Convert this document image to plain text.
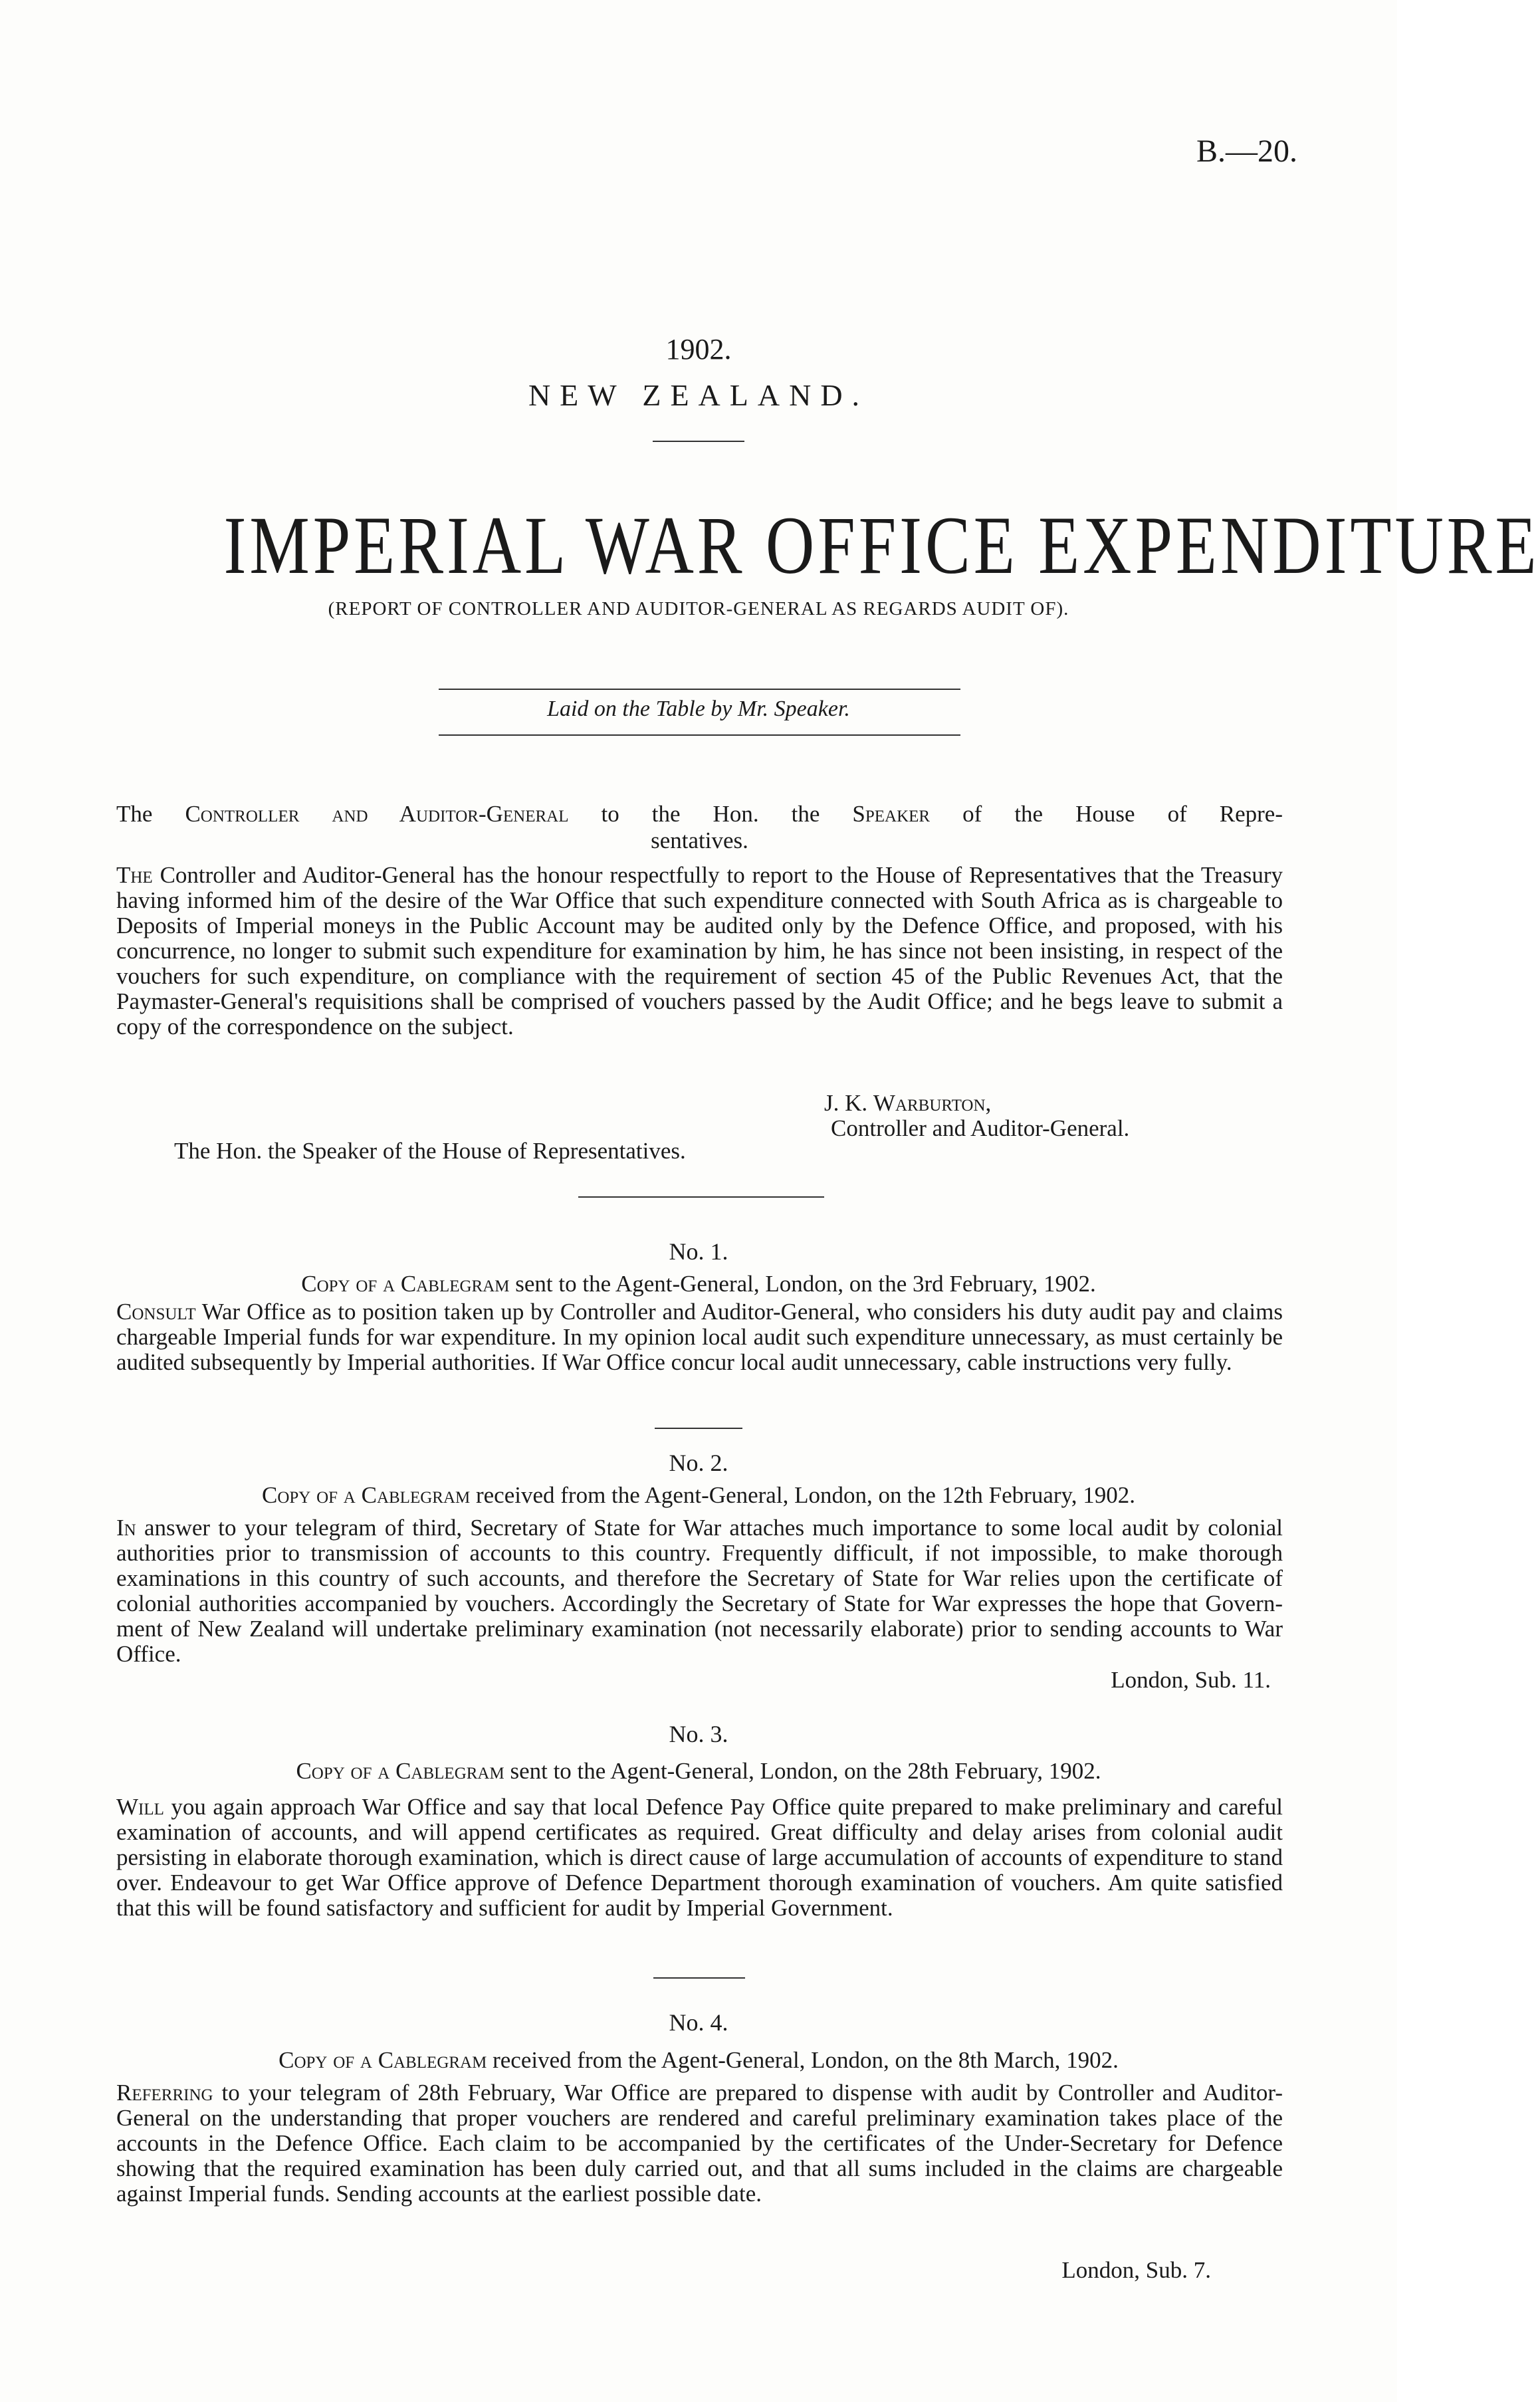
B.—20.
1902.
NEW ZEALAND.
IMPERIAL WAR OFFICE EXPENDITURE
(REPORT OF CONTROLLER AND AUDITOR-GENERAL AS REGARDS AUDIT OF).
Laid on the Table by Mr. Speaker.
The Controller and Auditor-General to the Hon. the Speaker of the House of Repre-
sentatives.

The Controller and Auditor-General has the honour respectfully to report to the House of Representatives that the Treasury having informed him of the desire of the War Office that such expenditure connected with South Africa as is chargeable to Deposits of Imperial moneys in the Public Account may be audited only by the Defence Office, and proposed, with his concurrence, no longer to submit such expenditure for examination by him, he has since not been insisting, in respect of the vouchers for such expenditure, on compliance with the requirement of section 45 of the Public Revenues Act, that the Paymaster-General's requisitions shall be comprised of vouchers passed by the Audit Office; and he begs leave to submit a copy of the correspondence on the subject.

J. K. Warburton,
Controller and Auditor-General.
The Hon. the Speaker of the House of Representatives.
No. 1.
Copy of a Cablegram sent to the Agent-General, London, on the 3rd February, 1902.

Consult War Office as to position taken up by Controller and Auditor-General, who considers his duty audit pay and claims chargeable Imperial funds for war expenditure. In my opinion local audit such expenditure unnecessary, as must certainly be audited subsequently by Imperial authorities. If War Office concur local audit unnecessary, cable instructions very fully.

No. 2.
Copy of a Cablegram received from the Agent-General, London, on the 12th February, 1902.

In answer to your telegram of third, Secretary of State for War attaches much importance to some local audit by colonial authorities prior to transmission of accounts to this country. Frequently difficult, if not impossible, to make thorough examinations in this country of such accounts, and therefore the Secretary of State for War relies upon the certificate of colonial authorities accompanied by vouchers. Accordingly the Secretary of State for War expresses the hope that Government of New Zealand will undertake preliminary examination (not necessarily elaborate) prior to sending accounts to War Office.

London, Sub. 11.
No. 3.
Copy of a Cablegram sent to the Agent-General, London, on the 28th February, 1902.

Will you again approach War Office and say that local Defence Pay Office quite prepared to make preliminary and careful examination of accounts, and will append certificates as required. Great difficulty and delay arises from colonial audit persisting in elaborate thorough examination, which is direct cause of large accumulation of accounts of expenditure to stand over. Endeavour to get War Office approve of Defence Department thorough examination of vouchers. Am quite satisfied that this will be found satisfactory and sufficient for audit by Imperial Government.

No. 4.
Copy of a Cablegram received from the Agent-General, London, on the 8th March, 1902.

Referring to your telegram of 28th February, War Office are prepared to dispense with audit by Controller and Auditor-General on the understanding that proper vouchers are rendered and careful preliminary examination takes place of the accounts in the Defence Office. Each claim to be accompanied by the certificates of the Under-Secretary for Defence showing that the required examination has been duly carried out, and that all sums included in the claims are chargeable against Imperial funds. Sending accounts at the earliest possible date.

London, Sub. 7.
